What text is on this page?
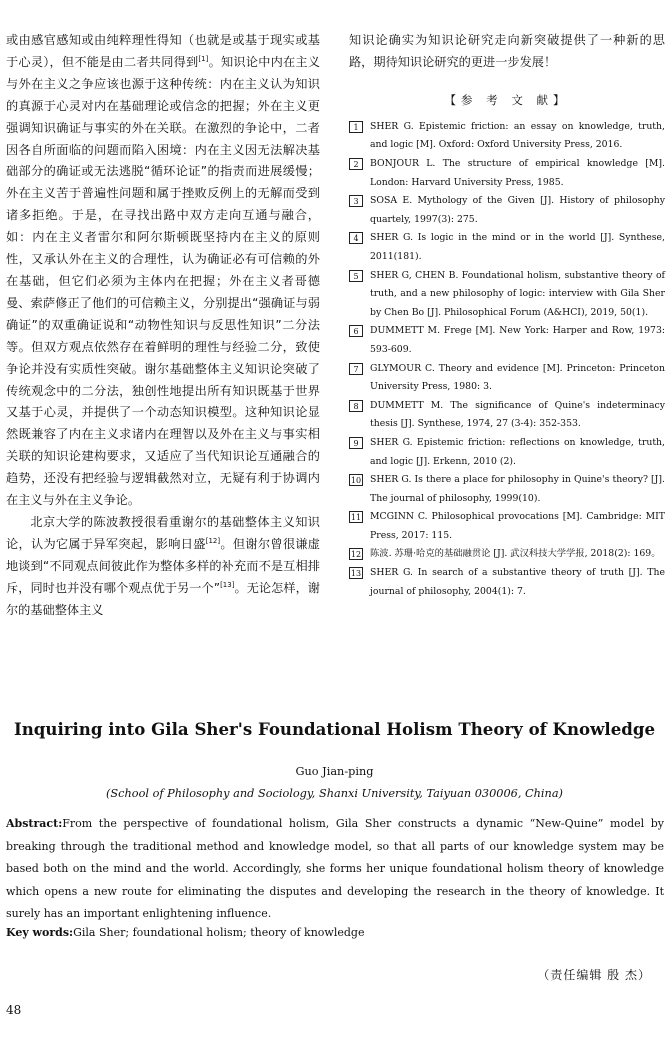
或由感官感知或由纯粹理性得知（也就是或基于现实或基于心灵），但不能是由二者共同得到[1]。知识论中内在主义与外在主义之争应该也源于这种传统：内在主义认为知识的真源于心灵对内在基础理论或信念的把握；外在主义更强调知识确证与事实的外在关联。在激烈的争论中，二者因各自所面临的问题而陷入困境：内在主义因无法解决基础部分的确证或无法逃脱“循环论证”的指责而进展缓慢；外在主义苦于普遍性问题和属于挫败反例上的无解而受到诸多拒绝。于是，在寻找出路中双方走向互通与融合，如：内在主义者雷尔和阿尔斯顿既坚持内在主义的原则性，又承认外在主义的合理性，认为确证必有可信赖的外在基础，但它们必须为主体内在把握；外在主义者哥德曼、索萨修正了他们的可信赖主义，分别提出“强确证与弱确证”的双重确证说和“动物性知识与反思性知识”二分法等。但双方观点依然存在着鲜明的理性与经验二分，致使争论并没有实质性突破。谢尔基础整体主义知识论突破了传统观念中的二分法，独创性地提出所有知识既基于世界又基于心灵，并提供了一个动态知识模型。这种知识论显然既兼容了内在主义求诸内在理智以及外在主义与事实相关联的知识论建构要求，又适应了当代知识论互通融合的趋势，还没有把经验与逻辑截然对立，无疑有利于协调内在主义与外在主义争论。

北京大学的陈波教授很看重谢尔的基础整体主义知识论，认为它属于异军突起，影响日盛[12]。但谢尔曾很谦虚地谈到“不同观点间彼此作为整体多样的补充而不是互相排斥，同时也并没有哪个观点优于另一个”[13]。无论怎样，谢尔的基础整体主义

知识论确实为知识论研究走向新突破提供了一种新的思路，期待知识论研究的更进一步发展！

【参 考 文 献】
1	SHER G. Epistemic friction: an essay on knowledge, truth, and logic [M]. Oxford: Oxford University Press, 2016.
2	BONJOUR L. The structure of empirical knowledge [M]. London: Harvard University Press, 1985.
3	SOSA E. Mythology of the Given [J]. History of philosophy quartely, 1997(3): 275.
4	SHER G. Is logic in the mind or in the world [J]. Synthese, 2011(181).
5	SHER G, CHEN B. Foundational holism, substantive theory of truth, and a new philosophy of logic: interview with Gila Sher by Chen Bo [J]. Philosophical Forum (A&HCI), 2019, 50(1).
6	DUMMETT M. Frege [M]. New York: Harper and Row, 1973: 593-609.
7	GLYMOUR C. Theory and evidence [M]. Princeton: Princeton University Press, 1980: 3.
8	DUMMETT M. The significance of Quine's indeterminacy thesis [J]. Synthese, 1974, 27 (3-4): 352-353.
9	SHER G. Epistemic friction: reflections on knowledge, truth, and logic [J]. Erkenn, 2010 (2).
10 SHER G. Is there a place for philosophy in Quine's theory? [J]. The journal of philosophy, 1999(10).
11 MCGINN C. Philosophical provocations [M]. Cambridge: MIT Press, 2017: 115.
12 陈波. 苏珊·哈克的基础融贯论 [J]. 武汉科技大学学报, 2018(2): 169。
13 SHER G. In search of a substantive theory of truth [J]. The journal of philosophy, 2004(1): 7.
Inquiring into Gila Sher's Foundational Holism Theory of Knowledge
Guo Jian-ping
(School of Philosophy and Sociology, Shanxi University, Taiyuan 030006, China)

Abstract:From the perspective of foundational holism, Gila Sher constructs a dynamic “New-Quine” model by breaking through the traditional method and knowledge model, so that all parts of our knowledge system may be based both on the mind and the world. Accordingly, she forms her unique foundational holism theory of knowledge which opens a new route for eliminating the disputes and developing the research in the theory of knowledge. It surely has an important enlightening influence.

Key words:Gila Sher; foundational holism; theory of knowledge

（责任编辑 殷 杰）
48
